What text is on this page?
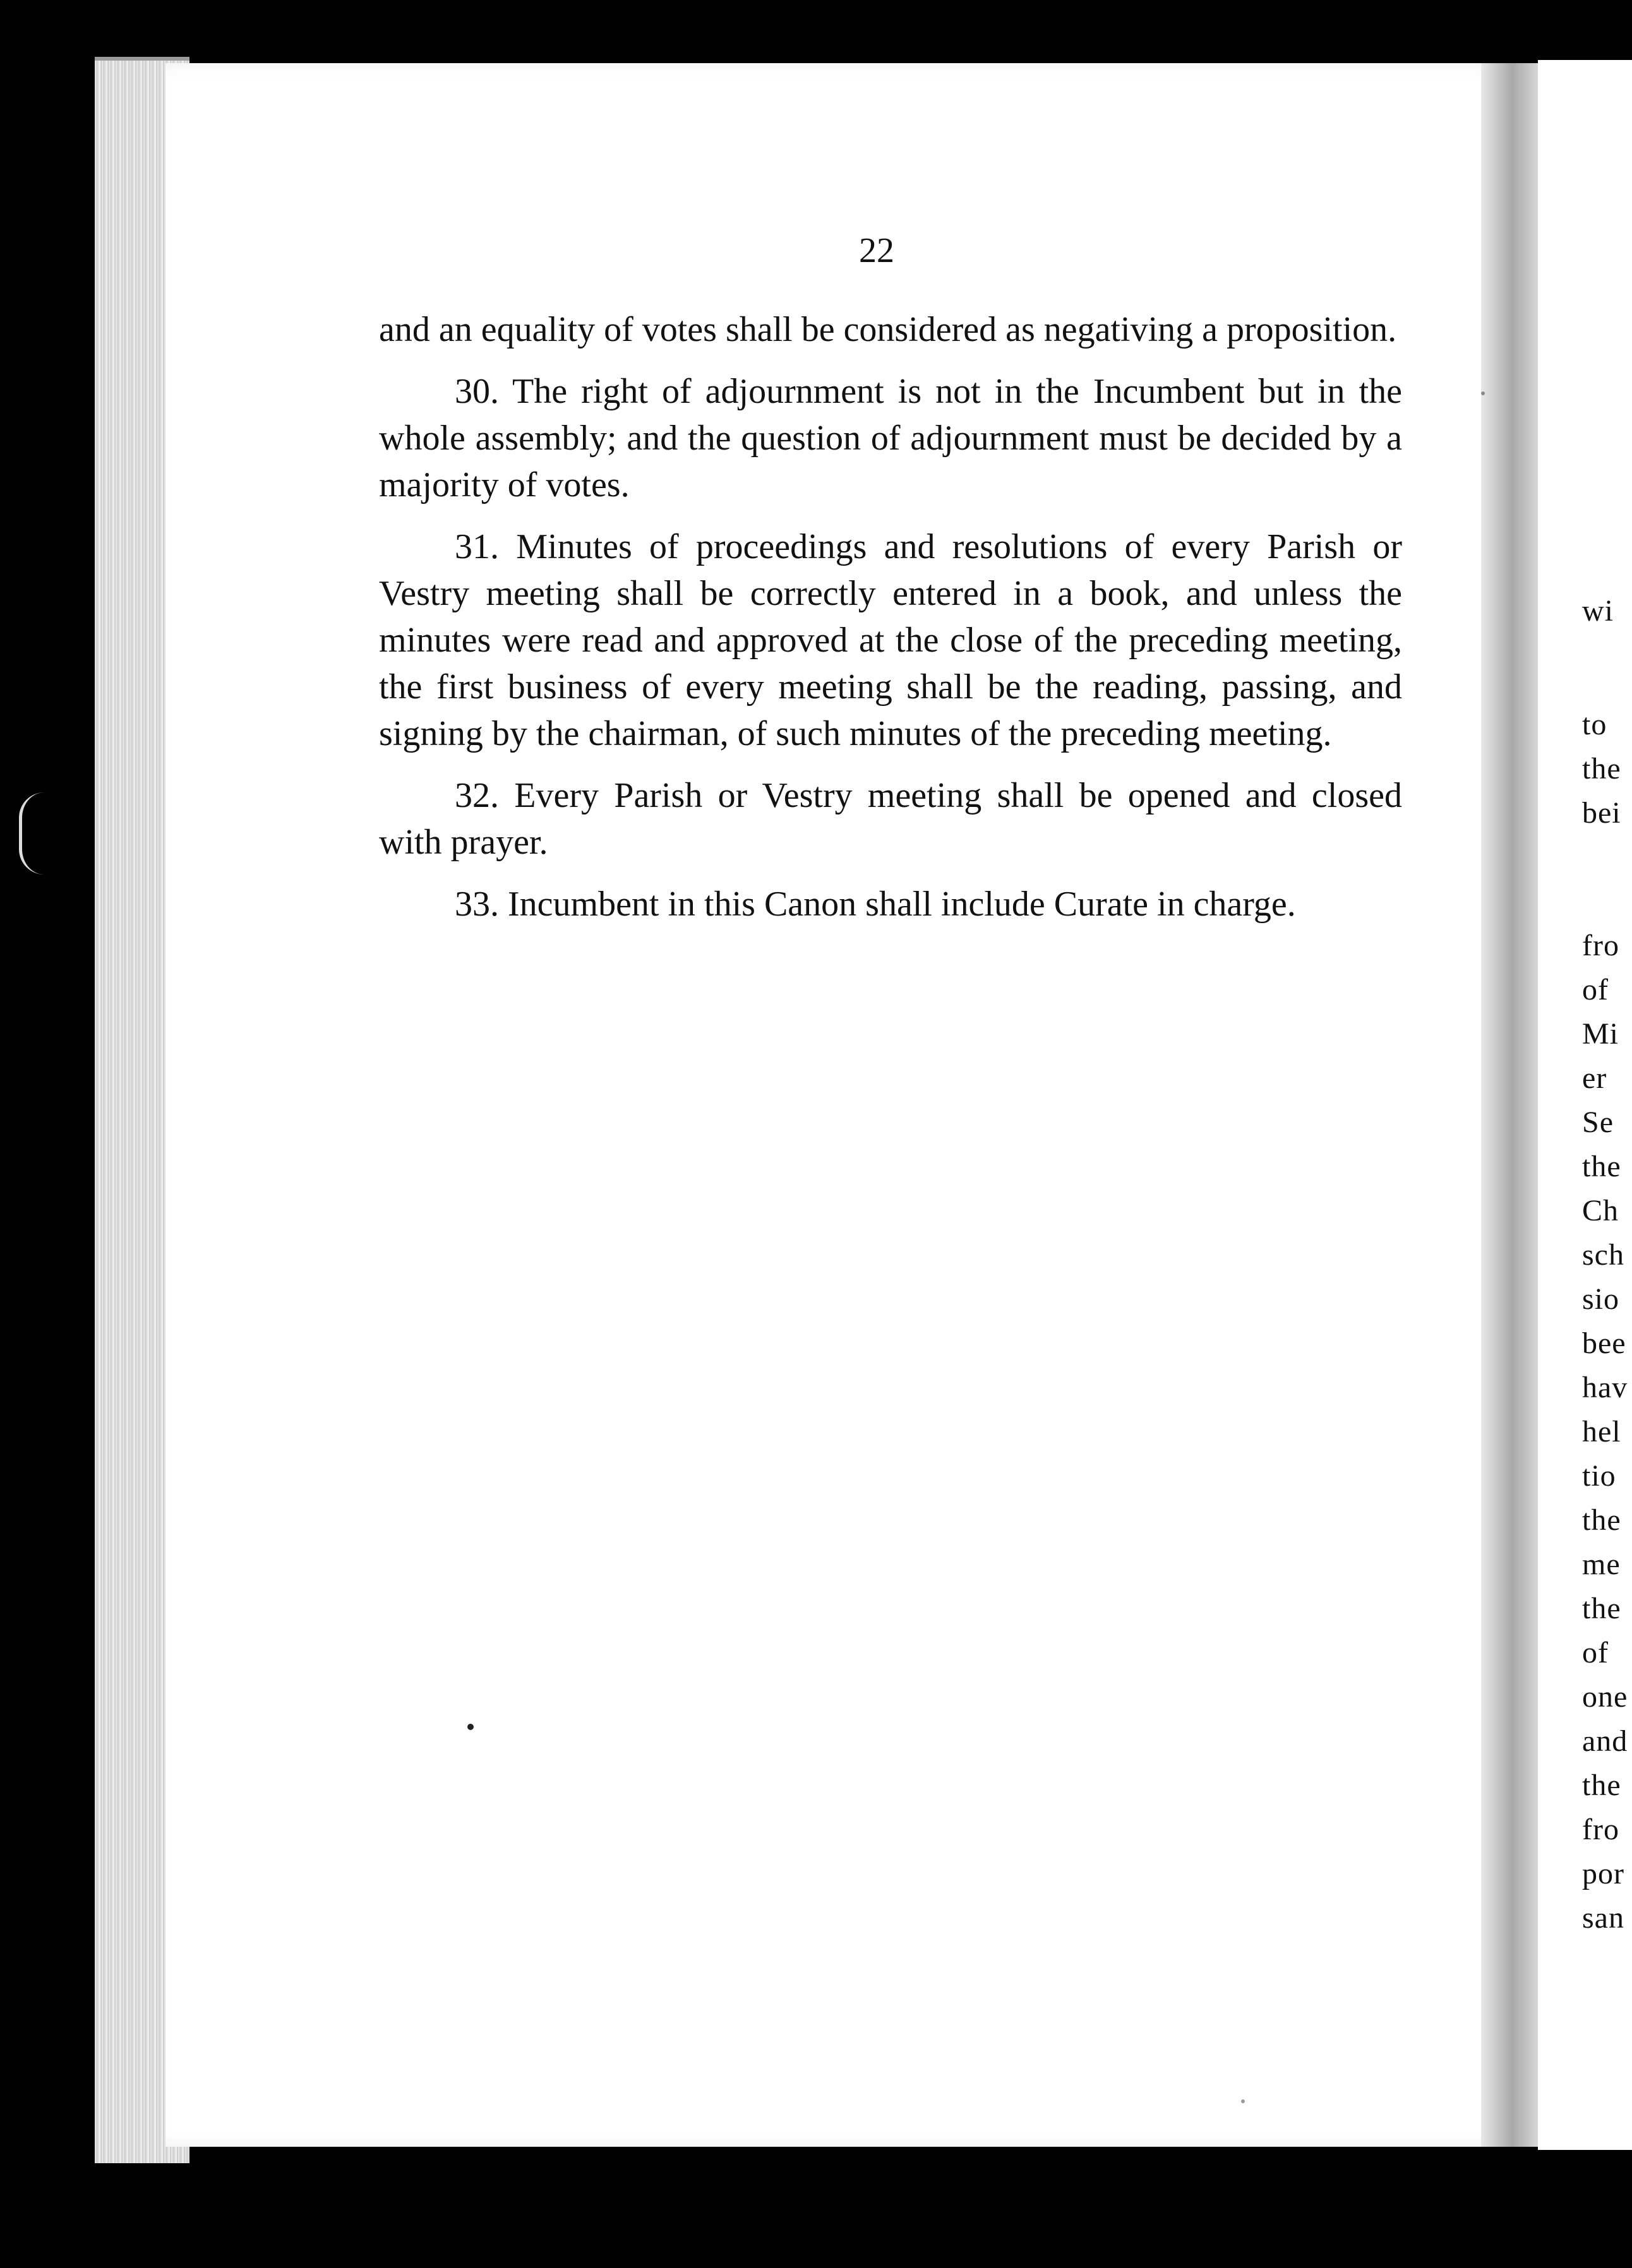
wi
to
the
bei
fro
of
Mi
er
Se
the
Ch
sch
sio
bee
hav
hel
tio
the
me
the
of
one
and
the
fro
por
san
22

and an equality of votes shall be considered as negativing a proposition.

30. The right of adjournment is not in the Incumbent but in the whole assembly; and the question of adjournment must be decided by a majority of votes.

31. Minutes of proceedings and resolutions of every Parish or Vestry meeting shall be correctly entered in a book, and unless the minutes were read and approved at the close of the preceding meeting, the first business of every meeting shall be the reading, passing, and signing by the chairman, of such minutes of the preceding meeting.

32. Every Parish or Vestry meeting shall be opened and closed with prayer.

33. Incumbent in this Canon shall include Curate in charge.
